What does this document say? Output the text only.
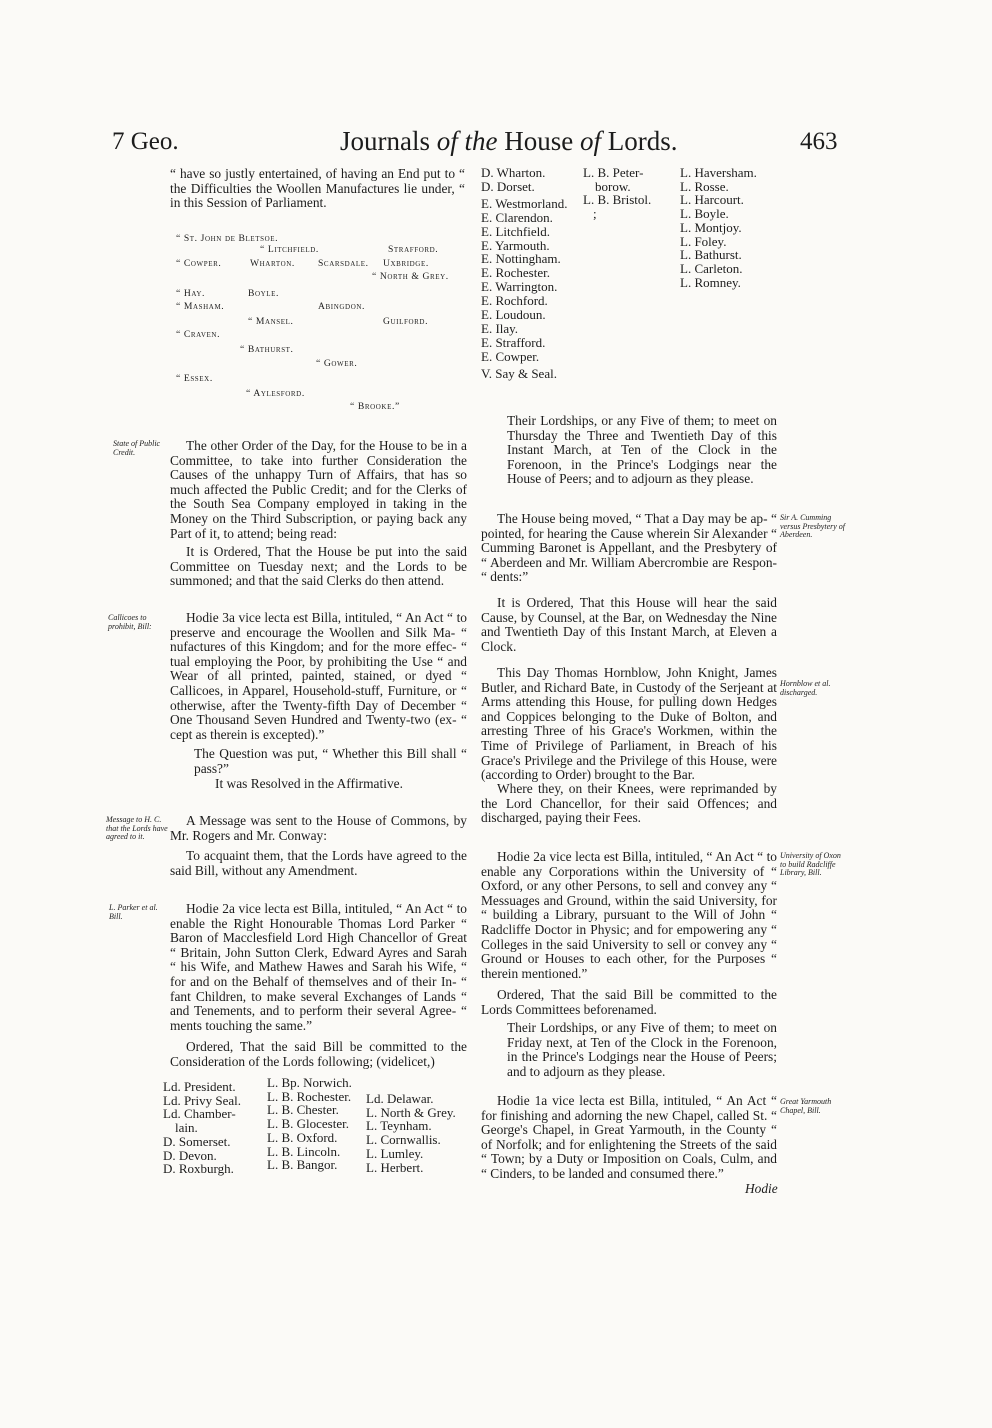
7 Geo.	Journals of the House of Lords.	463
“ have so justly entertained, of having an End put to “ the Difficulties the Woollen Manufactures lie under, “ in this Session of Parliament.
“ St. John de Bletsoe.
“ Litchfield.	Strafford.
“ Cowper.	Wharton. Scarsdale. Uxbridge.
“ North & Grey.
“ Hay.	Boyle.
“ Masham.	Abingdon.
“ Mansel.	Guilford.
“ Craven.
“ Bathurst.
“ Gower.
“ Essex.
“ Aylesford.
“ Brooke.”
State of Public Credit.	The other Order of the Day, for the House to be in a Committee, to take into further Consideration the Causes of the unhappy Turn of Affairs, that has so much affected the Public Credit; and for the Clerks of the South Sea Company employed in taking in the Money on the Third Subscription, or paying back any Part of it, to attend; being read:
It is Ordered, That the House be put into the said Committee on Tuesday next; and the Lords to be summoned; and that the said Clerks do then attend.
Callicoes to prohibit, Bill:
Hodie 3a vice lecta est Billa, intituled, “ An Act “ to preserve and encourage the Woollen and Silk Ma- “ nufactures of this Kingdom; and for the more effec- “ tual employing the Poor, by prohibiting the Use “ and Wear of all printed, painted, stained, or dyed “ Callicoes, in Apparel, Household-stuff, Furniture, or “ otherwise, after the Twenty-fifth Day of December “ One Thousand Seven Hundred and Twenty-two (ex- “ cept as therein is excepted).”
The Question was put, “ Whether this Bill shall “ pass?”
It was Resolved in the Affirmative.
Message to H. C. that the Lords have agreed to it.
A Message was sent to the House of Commons, by Mr. Rogers and Mr. Conway:
To acquaint them, that the Lords have agreed to the said Bill, without any Amendment.
L. Parker et al. Bill.
Hodie 2a vice lecta est Billa, intituled, “ An Act “ to enable the Right Honourable Thomas Lord Parker “ Baron of Macclesfield Lord High Chancellor of Great “ Britain, John Sutton Clerk, Edward Ayres and Sarah “ his Wife, and Mathew Hawes and Sarah his Wife, “ for and on the Behalf of themselves and of their In- “ fant Children, to make several Exchanges of Lands “ and Tenements, and to perform their several Agree- “ ments touching the same.”
Ordered, That the said Bill be committed to the Consideration of the Lords following; (videlicet,)
Ld. President.
Ld. Privy Seal.
Ld. Chamber-
lain.
D. Somerset.
D. Devon.
D. Roxburgh.
L. Bp. Norwich.
L. B. Rochester.
L. B. Chester.
L. B. Glocester.
L. B. Oxford.
L. B. Lincoln.
L. B. Bangor.
Ld. Delawar.
L. North & Grey.
L. Teynham.
L. Cornwallis.
L. Lumley.
L. Herbert.
D. Wharton.
D. Dorset.
E. Westmorland.
E. Clarendon.
E. Litchfield.
E. Yarmouth.
E. Nottingham.
E. Rochester.
E. Warrington.
E. Rochford.
E. Loudoun.
E. Ilay.
E. Strafford.
E. Cowper.
V. Say & Seal.
L. B. Peter-
borow.
L. B. Bristol.
;
L. Haversham.
L. Rosse.
L. Harcourt.
L. Boyle.
L. Montjoy.
L. Foley.
L. Bathurst.
L. Carleton.
L. Romney.
Their Lordships, or any Five of them; to meet on Thursday the Three and Twentieth Day of this Instant March, at Ten of the Clock in the Forenoon, in the Prince's Lodgings near the House of Peers; and to adjourn as they please.
The House being moved, “ That a Day may be ap- “ pointed, for hearing the Cause wherein Sir Alexander “ Cumming Baronet is Appellant, and the Presbytery of “ Aberdeen and Mr. William Abercrombie are Respon- “ dents:”
Sir A. Cumming versus Presbytery of Aberdeen.
It is Ordered, That this House will hear the said Cause, by Counsel, at the Bar, on Wednesday the Nine and Twentieth Day of this Instant March, at Eleven a Clock.
This Day Thomas Hornblow, John Knight, James Butler, and Richard Bate, in Custody of the Serjeant at Arms attending this House, for pulling down Hedges and Coppices belonging to the Duke of Bolton, and arresting Three of his Grace's Workmen, within the Time of Privilege of Parliament, in Breach of his Grace's Privilege and the Privilege of this House, were (according to Order) brought to the Bar.
Hornblow et al. discharged.
Where they, on their Knees, were reprimanded by the Lord Chancellor, for their said Offences; and discharged, paying their Fees.
Hodie 2a vice lecta est Billa, intituled, “ An Act “ to enable any Corporations within the University of “ Oxford, or any other Persons, to sell and convey any “ Messuages and Ground, within the said University, for “ building a Library, pursuant to the Will of John “ Radcliffe Doctor in Physic; and for empowering any “ Colleges in the said University to sell or convey any “ Ground or Houses to each other, for the Purposes “ therein mentioned.”
University of Oxon to build Radcliffe Library, Bill.
Ordered, That the said Bill be committed to the Lords Committees beforenamed.
Their Lordships, or any Five of them; to meet on Friday next, at Ten of the Clock in the Forenoon, in the Prince's Lodgings near the House of Peers; and to adjourn as they please.
Hodie 1a vice lecta est Billa, intituled, “ An Act “ for finishing and adorning the new Chapel, called St. “ George's Chapel, in Great Yarmouth, in the County “ of Norfolk; and for enlightening the Streets of the said “ Town; by a Duty or Imposition on Coals, Culm, and “ Cinders, to be landed and consumed there.”
Great Yarmouth Chapel, Bill.
Hodie
